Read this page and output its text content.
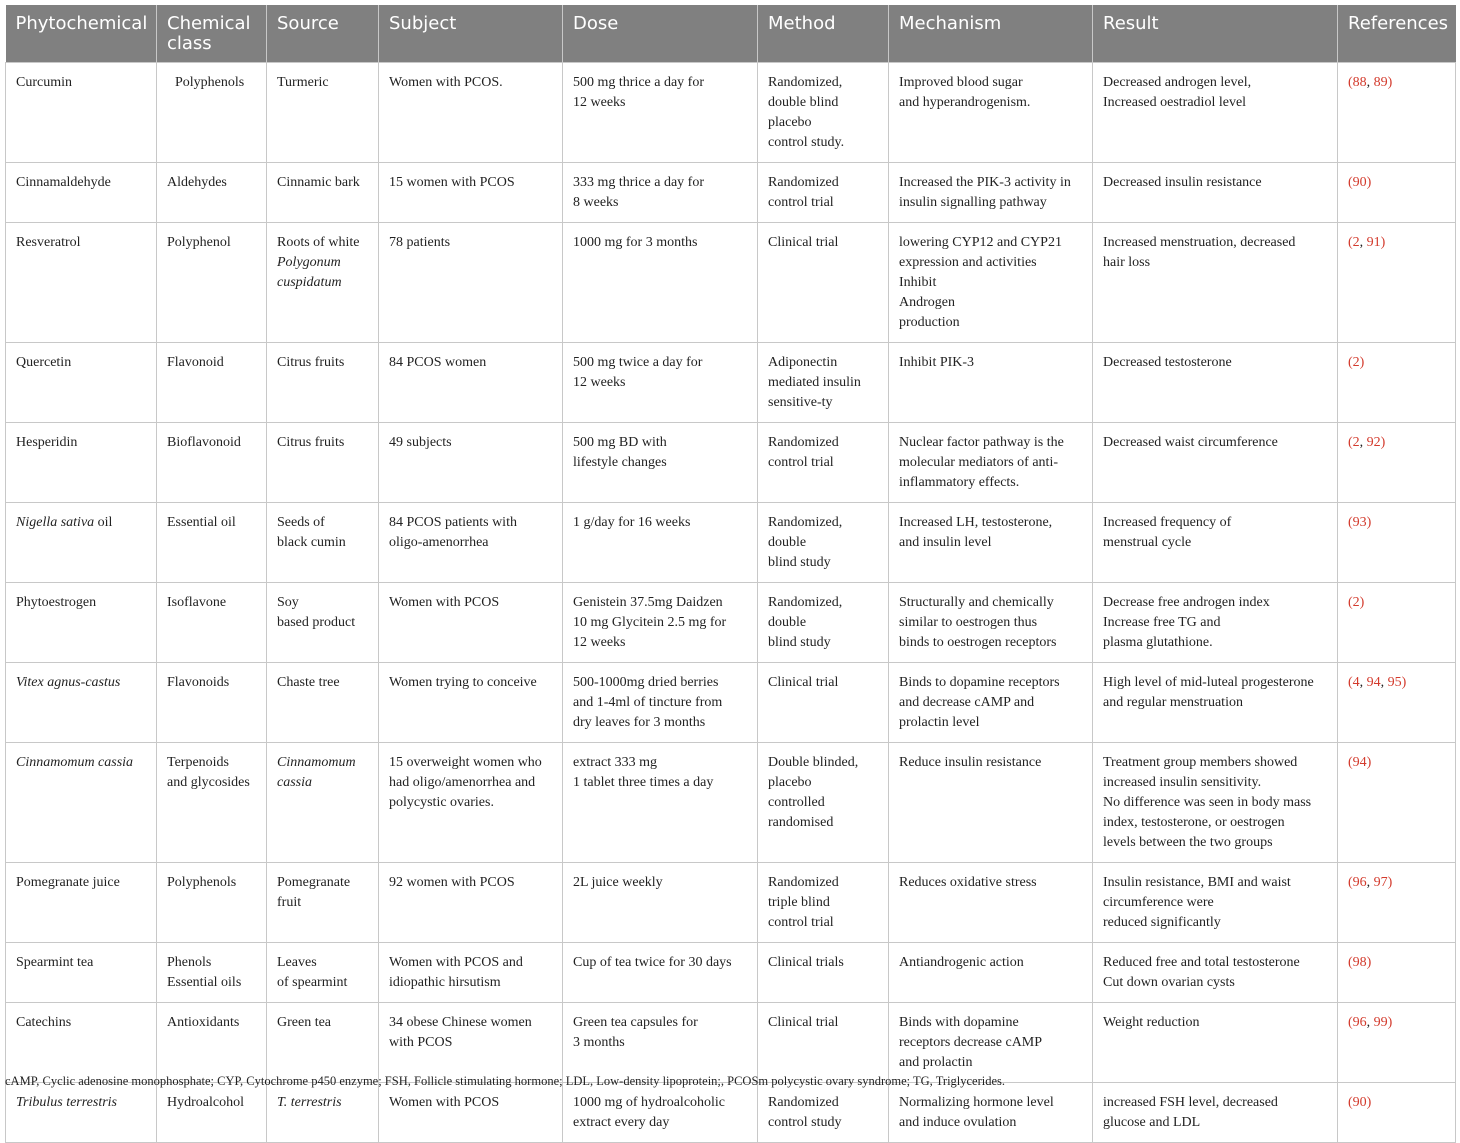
Phytochemical	Chemical class	Source	Subject	Dose	Method	Mechanism	Result	References

Curcumin	Polyphenols	Turmeric	Women with PCOS.	500 mg thrice a day for
12 weeks	Randomized,
double blind
placebo
control study.	Improved blood sugar
and hyperandrogenism.	Decreased androgen level,
Increased oestradiol level	(88, 89)

Cinnamaldehyde	Aldehydes	Cinnamic bark	15 women with PCOS	333 mg thrice a day for
8 weeks	Randomized
control trial	Increased the PIK-3 activity in
insulin signalling pathway	Decreased insulin resistance	(90)

Resveratrol	Polyphenol	Roots of white
Polygonum
cuspidatum	78 patients	1000 mg for 3 months	Clinical trial	lowering CYP12 and CYP21
expression and activities
Inhibit
Androgen
production	Increased menstruation, decreased
hair loss	(2, 91)

Quercetin	Flavonoid	Citrus fruits	84 PCOS women	500 mg twice a day for
12 weeks	Adiponectin
mediated insulin
sensitive-ty	Inhibit PIK-3	Decreased testosterone	(2)

Hesperidin	Bioflavonoid	Citrus fruits	49 subjects	500 mg BD with
lifestyle changes	Randomized
control trial	Nuclear factor pathway is the
molecular mediators of anti-
inflammatory effects.	Decreased waist circumference	(2, 92)

Nigella sativa oil	Essential oil	Seeds of
black cumin	84 PCOS patients with
oligo-amenorrhea	1 g/day for 16 weeks	Randomized,
double
blind study	Increased LH, testosterone,
and insulin level	Increased frequency of
menstrual cycle	(93)

Phytoestrogen	Isoflavone	Soy
based product	Women with PCOS	Genistein 37.5mg Daidzen
10 mg Glycitein 2.5 mg for
12 weeks	Randomized,
double
blind study	Structurally and chemically
similar to oestrogen thus
binds to oestrogen receptors	Decrease free androgen index
Increase free TG and
plasma glutathione.	(2)

Vitex agnus-castus	Flavonoids	Chaste tree	Women trying to conceive	500-1000mg dried berries
and 1-4ml of tincture from
dry leaves for 3 months	Clinical trial	Binds to dopamine receptors
and decrease cAMP and
prolactin level	High level of mid-luteal progesterone
and regular menstruation	(4, 94, 95)

Cinnamomum cassia	Terpenoids
and glycosides	Cinnamomum
cassia	15 overweight women who
had oligo/amenorrhea and
polycystic ovaries.	extract 333 mg
1 tablet three times a day	Double blinded,
placebo
controlled
randomised	Reduce insulin resistance	Treatment group members showed
increased insulin sensitivity.
No difference was seen in body mass
index, testosterone, or oestrogen
levels between the two groups	(94)

Pomegranate juice	Polyphenols	Pomegranate
fruit	92 women with PCOS	2L juice weekly	Randomized
triple blind
control trial	Reduces oxidative stress	Insulin resistance, BMI and waist
circumference were
reduced significantly	(96, 97)

Spearmint tea	Phenols
Essential oils	Leaves
of spearmint	Women with PCOS and
idiopathic hirsutism	Cup of tea twice for 30 days	Clinical trials	Antiandrogenic action	Reduced free and total testosterone
Cut down ovarian cysts	(98)

Catechins	Antioxidants	Green tea	34 obese Chinese women
with PCOS	Green tea capsules for
3 months	Clinical trial	Binds with dopamine
receptors decrease cAMP
and prolactin	Weight reduction	(96, 99)

Tribulus terrestris	Hydroalcohol	T. terrestris	Women with PCOS	1000 mg of hydroalcoholic
extract every day	Randomized
control study	Normalizing hormone level
and induce ovulation	increased FSH level, decreased
glucose and LDL	(90)
cAMP, Cyclic adenosine monophosphate; CYP, Cytochrome p450 enzyme; FSH, Follicle stimulating hormone; LDL, Low-density lipoprotein;, PCOSm polycystic ovary syndrome; TG, Triglycerides.
